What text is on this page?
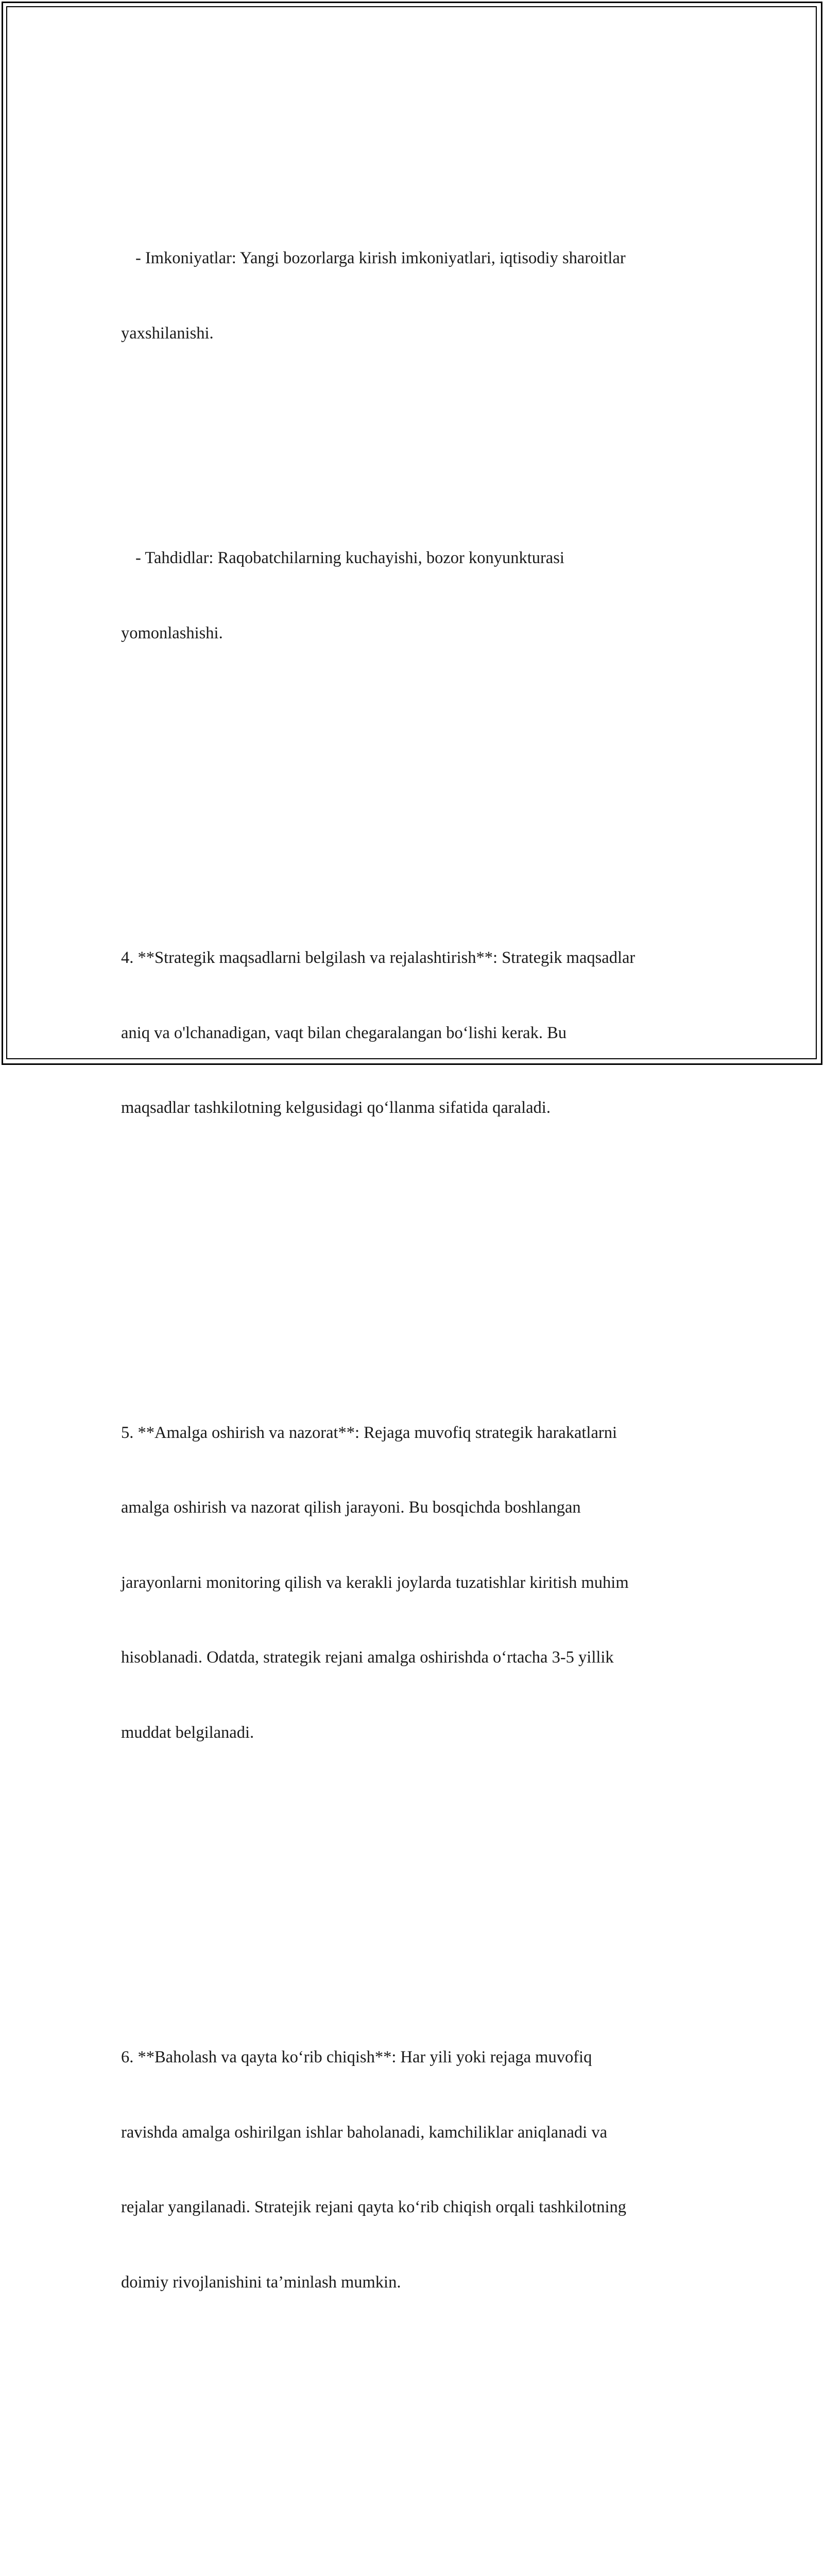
- Imkoniyatlar: Yangi bozorlarga kirish imkoniyatlari, iqtisodiy sharoitlar

yaxshilanishi.

- Tahdidlar: Raqobatchilarning kuchayishi, bozor konyunkturasi

yomonlashishi.

4. **Strategik maqsadlarni belgilash va rejalashtirish**: Strategik maqsadlar

aniq va o'lchanadigan, vaqt bilan chegaralangan bo‘lishi kerak. Bu

maqsadlar tashkilotning kelgusidagi qo‘llanma sifatida qaraladi.

5. **Amalga oshirish va nazorat**: Rejaga muvofiq strategik harakatlarni

amalga oshirish va nazorat qilish jarayoni. Bu bosqichda boshlangan

jarayonlarni monitoring qilish va kerakli joylarda tuzatishlar kiritish muhim

hisoblanadi. Odatda, strategik rejani amalga oshirishda o‘rtacha 3-5 yillik

muddat belgilanadi.

6. **Baholash va qayta ko‘rib chiqish**: Har yili yoki rejaga muvofiq

ravishda amalga oshirilgan ishlar baholanadi, kamchiliklar aniqlanadi va

rejalar yangilanadi. Stratejik rejani qayta ko‘rib chiqish orqali tashkilotning

doimiy rivojlanishini ta’minlash mumkin.
